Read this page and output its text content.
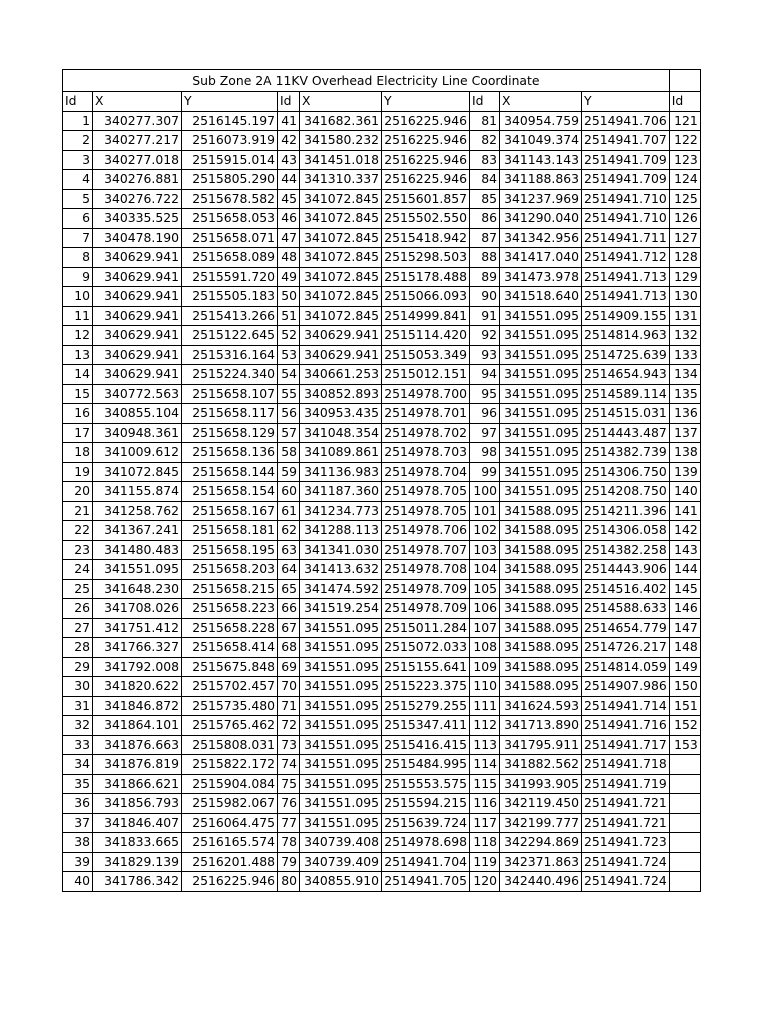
Sub Zone 2A 11KV Overhead Electricity Line Coordinate									
Id	X	Y	Id	X	Y	Id	X	Y	Id
1	340277.307	2516145.197	41	341682.361	2516225.946	81	340954.759	2514941.706	121
2	340277.217	2516073.919	42	341580.232	2516225.946	82	341049.374	2514941.707	122
3	340277.018	2515915.014	43	341451.018	2516225.946	83	341143.143	2514941.709	123
4	340276.881	2515805.290	44	341310.337	2516225.946	84	341188.863	2514941.709	124
5	340276.722	2515678.582	45	341072.845	2515601.857	85	341237.969	2514941.710	125
6	340335.525	2515658.053	46	341072.845	2515502.550	86	341290.040	2514941.710	126
7	340478.190	2515658.071	47	341072.845	2515418.942	87	341342.956	2514941.711	127
8	340629.941	2515658.089	48	341072.845	2515298.503	88	341417.040	2514941.712	128
9	340629.941	2515591.720	49	341072.845	2515178.488	89	341473.978	2514941.713	129
10	340629.941	2515505.183	50	341072.845	2515066.093	90	341518.640	2514941.713	130
11	340629.941	2515413.266	51	341072.845	2514999.841	91	341551.095	2514909.155	131
12	340629.941	2515122.645	52	340629.941	2515114.420	92	341551.095	2514814.963	132
13	340629.941	2515316.164	53	340629.941	2515053.349	93	341551.095	2514725.639	133
14	340629.941	2515224.340	54	340661.253	2515012.151	94	341551.095	2514654.943	134
15	340772.563	2515658.107	55	340852.893	2514978.700	95	341551.095	2514589.114	135
16	340855.104	2515658.117	56	340953.435	2514978.701	96	341551.095	2514515.031	136
17	340948.361	2515658.129	57	341048.354	2514978.702	97	341551.095	2514443.487	137
18	341009.612	2515658.136	58	341089.861	2514978.703	98	341551.095	2514382.739	138
19	341072.845	2515658.144	59	341136.983	2514978.704	99	341551.095	2514306.750	139
20	341155.874	2515658.154	60	341187.360	2514978.705	100	341551.095	2514208.750	140
21	341258.762	2515658.167	61	341234.773	2514978.705	101	341588.095	2514211.396	141
22	341367.241	2515658.181	62	341288.113	2514978.706	102	341588.095	2514306.058	142
23	341480.483	2515658.195	63	341341.030	2514978.707	103	341588.095	2514382.258	143
24	341551.095	2515658.203	64	341413.632	2514978.708	104	341588.095	2514443.906	144
25	341648.230	2515658.215	65	341474.592	2514978.709	105	341588.095	2514516.402	145
26	341708.026	2515658.223	66	341519.254	2514978.709	106	341588.095	2514588.633	146
27	341751.412	2515658.228	67	341551.095	2515011.284	107	341588.095	2514654.779	147
28	341766.327	2515658.414	68	341551.095	2515072.033	108	341588.095	2514726.217	148
29	341792.008	2515675.848	69	341551.095	2515155.641	109	341588.095	2514814.059	149
30	341820.622	2515702.457	70	341551.095	2515223.375	110	341588.095	2514907.986	150
31	341846.872	2515735.480	71	341551.095	2515279.255	111	341624.593	2514941.714	151
32	341864.101	2515765.462	72	341551.095	2515347.411	112	341713.890	2514941.716	152
33	341876.663	2515808.031	73	341551.095	2515416.415	113	341795.911	2514941.717	153
34	341876.819	2515822.172	74	341551.095	2515484.995	114	341882.562	2514941.718	
35	341866.621	2515904.084	75	341551.095	2515553.575	115	341993.905	2514941.719	
36	341856.793	2515982.067	76	341551.095	2515594.215	116	342119.450	2514941.721	
37	341846.407	2516064.475	77	341551.095	2515639.724	117	342199.777	2514941.721	
38	341833.665	2516165.574	78	340739.408	2514978.698	118	342294.869	2514941.723	
39	341829.139	2516201.488	79	340739.409	2514941.704	119	342371.863	2514941.724	
40	341786.342	2516225.946	80	340855.910	2514941.705	120	342440.496	2514941.724	
